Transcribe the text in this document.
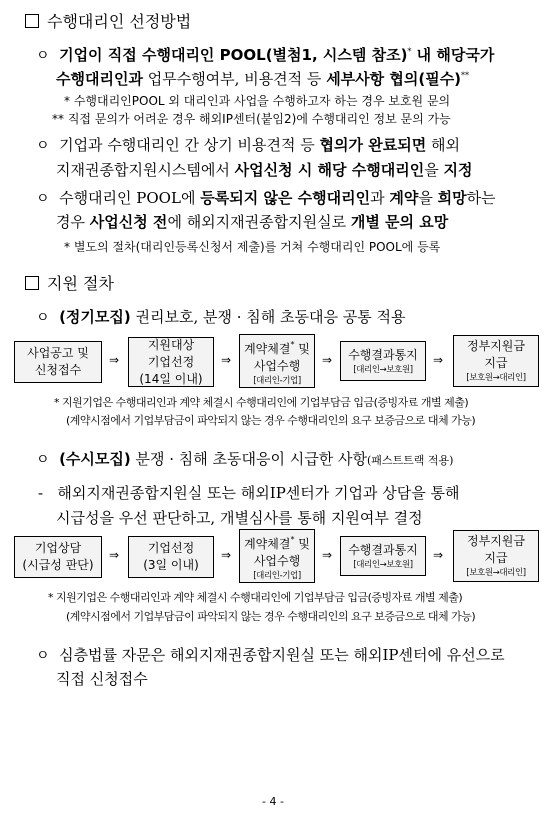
수행대리인 선정방법
ㅇ 기업이 직접 수행대리인 POOL(별첨1, 시스템 참조)* 내 해당국가
수행대리인과 업무수행여부, 비용견적 등 세부사항 협의(필수)**
* 수행대리인POOL 외 대리인과 사업을 수행하고자 하는 경우 보호원 문의
** 직접 문의가 어려운 경우 해외IP센터(붙임2)에 수행대리인 정보 문의 가능
ㅇ 기업과 수행대리인 간 상기 비용견적 등 협의가 완료되면 해외
지재권종합지원시스템에서 사업신청 시 해당 수행대리인을 지정
ㅇ 수행대리인 POOL에 등록되지 않은 수행대리인과 계약을 희망하는
경우 사업신청 전에 해외지재권종합지원실로 개별 문의 요망
* 별도의 절차(대리인등록신청서 제출)를 거쳐 수행대리인 POOL에 등록
지원 절차
ㅇ (정기모집) 권리보호, 분쟁 · 침해 초동대응 공통 적용
사업공고 및
신청접수
⇒
지원대상
기업선정
(14일 이내)
⇒
계약체결* 및
사업수행
[대리인-기업]
⇒ 수행결과통지
[대리인→보호원]
⇒
정부지원금
지급
[보호원→대리인]
* 지원기업은 수행대리인과 계약 체결시 수행대리인에 기업부담금 입금(증빙자료 개별 제출)
(계약시점에서 기업부담금이 파악되지 않는 경우 수행대리인의 요구 보증금으로 대체 가능)
ㅇ (수시모집) 분쟁 · 침해 초동대응이 시급한 사항(패스트트랙 적용)
- 해외지재권종합지원실 또는 해외IP센터가 기업과 상담을 통해
시급성을 우선 판단하고, 개별심사를 통해 지원여부 결정
기업상담
(시급성 판단)
⇒ 기업선정
(3일 이내)
⇒
계약체결* 및
사업수행
[대리인-기업]
⇒ 수행결과통지
[대리인→보호원]
⇒
정부지원금
지급
[보호원→대리인]
* 지원기업은 수행대리인과 계약 체결시 수행대리인에 기업부담금 입금(증빙자료 개별 제출)
(계약시점에서 기업부담금이 파악되지 않는 경우 수행대리인의 요구 보증금으로 대체 가능)
ㅇ 심층법률 자문은 해외지재권종합지원실 또는 해외IP센터에 유선으로
직접 신청접수
- 4 -
